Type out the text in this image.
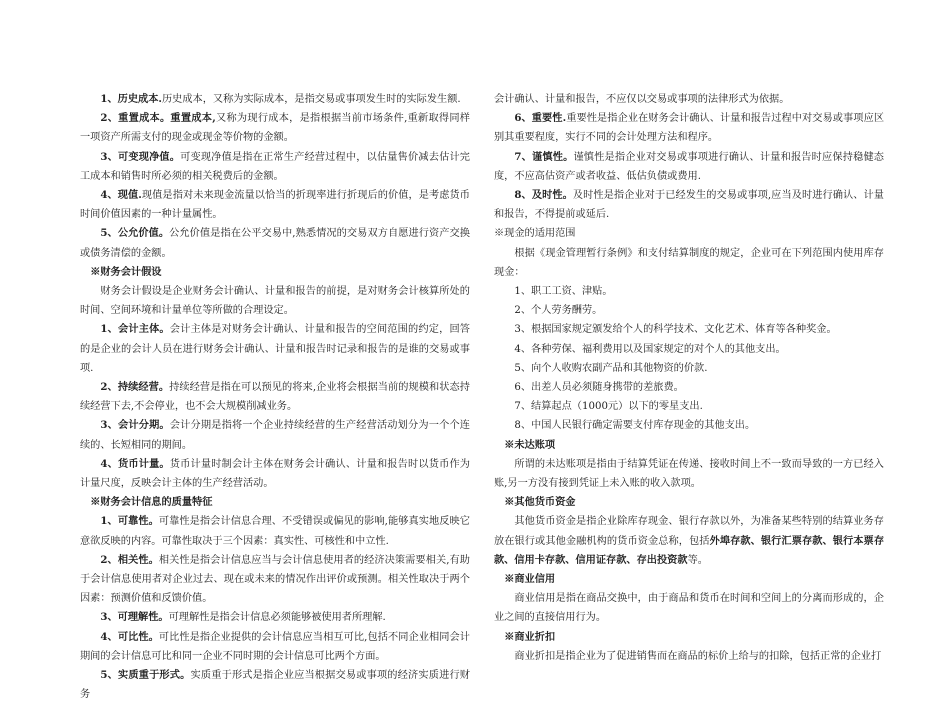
1、历史成本.历史成本，又称为实际成本，是指交易或事项发生时的实际发生额.

2、重置成本。重置成本,又称为现行成本，是指根据当前市场条件,重新取得同样一项资产所需支付的现金或现金等价物的金额。

3、可变现净值。可变现净值是指在正常生产经营过程中，以估量售价减去估计完工成本和销售时所必须的相关税费后的金额。

4、现值.现值是指对未来现金流量以恰当的折现率进行折现后的价值，是考虑货币时间价值因素的一种计量属性。

5、公允价值。公允价值是指在公平交易中,熟悉情况的交易双方自愿进行资产交换或债务清偿的金额。

※财务会计假设

财务会计假设是企业财务会计确认、计量和报告的前提，是对财务会计核算所处的时间、空间环境和计量单位等所做的合理设定。

1、会计主体。会计主体是对财务会计确认、计量和报告的空间范围的约定，回答的是企业的会计人员在进行财务会计确认、计量和报告时记录和报告的是谁的交易或事项.

2、持续经营。持续经营是指在可以预见的将来,企业将会根据当前的规模和状态持续经营下去,不会停业，也不会大规模削减业务。

3、会计分期。会计分期是指将一个企业持续经营的生产经营活动划分为一个个连续的、长短相同的期间。

4、货币计量。货币计量时制会计主体在财务会计确认、计量和报告时以货币作为计量尺度，反映会计主体的生产经营活动。

※财务会计信息的质量特征

1、可靠性。可靠性是指会计信息合理、不受错误或偏见的影响,能够真实地反映它意欲反映的内容。可靠性取决于三个因素：真实性、可核性和中立性.

2、相关性。相关性是指会计信息应当与会计信息使用者的经济决策需要相关,有助于会计信息使用者对企业过去、现在或未来的情况作出评价或预测。相关性取决于两个因素：预测价值和反馈价值。

3、可理解性。可理解性是指会计信息必须能够被使用者所理解.

4、可比性。可比性是指企业提供的会计信息应当相互可比,包括不同企业相同会计期间的会计信息可比和同一企业不同时期的会计信息可比两个方面。

5、实质重于形式。实质重于形式是指企业应当根据交易或事项的经济实质进行财务

会计确认、计量和报告，不应仅以交易或事项的法律形式为依据。

6、重要性.重要性是指企业在财务会计确认、计量和报告过程中对交易或事项应区别其重要程度，实行不同的会计处理方法和程序。

7、谨慎性。谨慎性是指企业对交易或事项进行确认、计量和报告时应保持稳健态度，不应高估资产或者收益、低估负债或费用.

8、及时性。及时性是指企业对于已经发生的交易或事项,应当及时进行确认、计量和报告，不得提前或延后.

※现金的适用范围

根据《现金管理暂行条例》和支付结算制度的规定，企业可在下列范围内使用库存现金：

1、职工工资、津贴。

2、个人劳务酬劳。

3、根据国家规定颁发给个人的科学技术、文化艺术、体育等各种奖金。

4、各种劳保、福利费用以及国家规定的对个人的其他支出。

5、向个人收购农副产品和其他物资的价款.

6、出差人员必须随身携带的差旅费。

7、结算起点（1000元）以下的零星支出.

8、中国人民银行确定需要支付库存现金的其他支出。

※未达账项

所谓的未达账项是指由于结算凭证在传递、接收时间上不一致而导致的一方已经入账,另一方没有接到凭证上未入账的收入款项。

※其他货币资金

其他货币资金是指企业除库存现金、银行存款以外，为准备某些特别的结算业务存放在银行或其他金融机构的货币资金总称，包括外埠存款、银行汇票存款、银行本票存款、信用卡存款、信用证存款、存出投资款等。

※商业信用

商业信用是指在商品交换中，由于商品和货币在时间和空间上的分离而形成的，企业之间的直接信用行为。

※商业折扣

商业折扣是指企业为了促进销售而在商品的标价上给与的扣除，包括正常的企业打
